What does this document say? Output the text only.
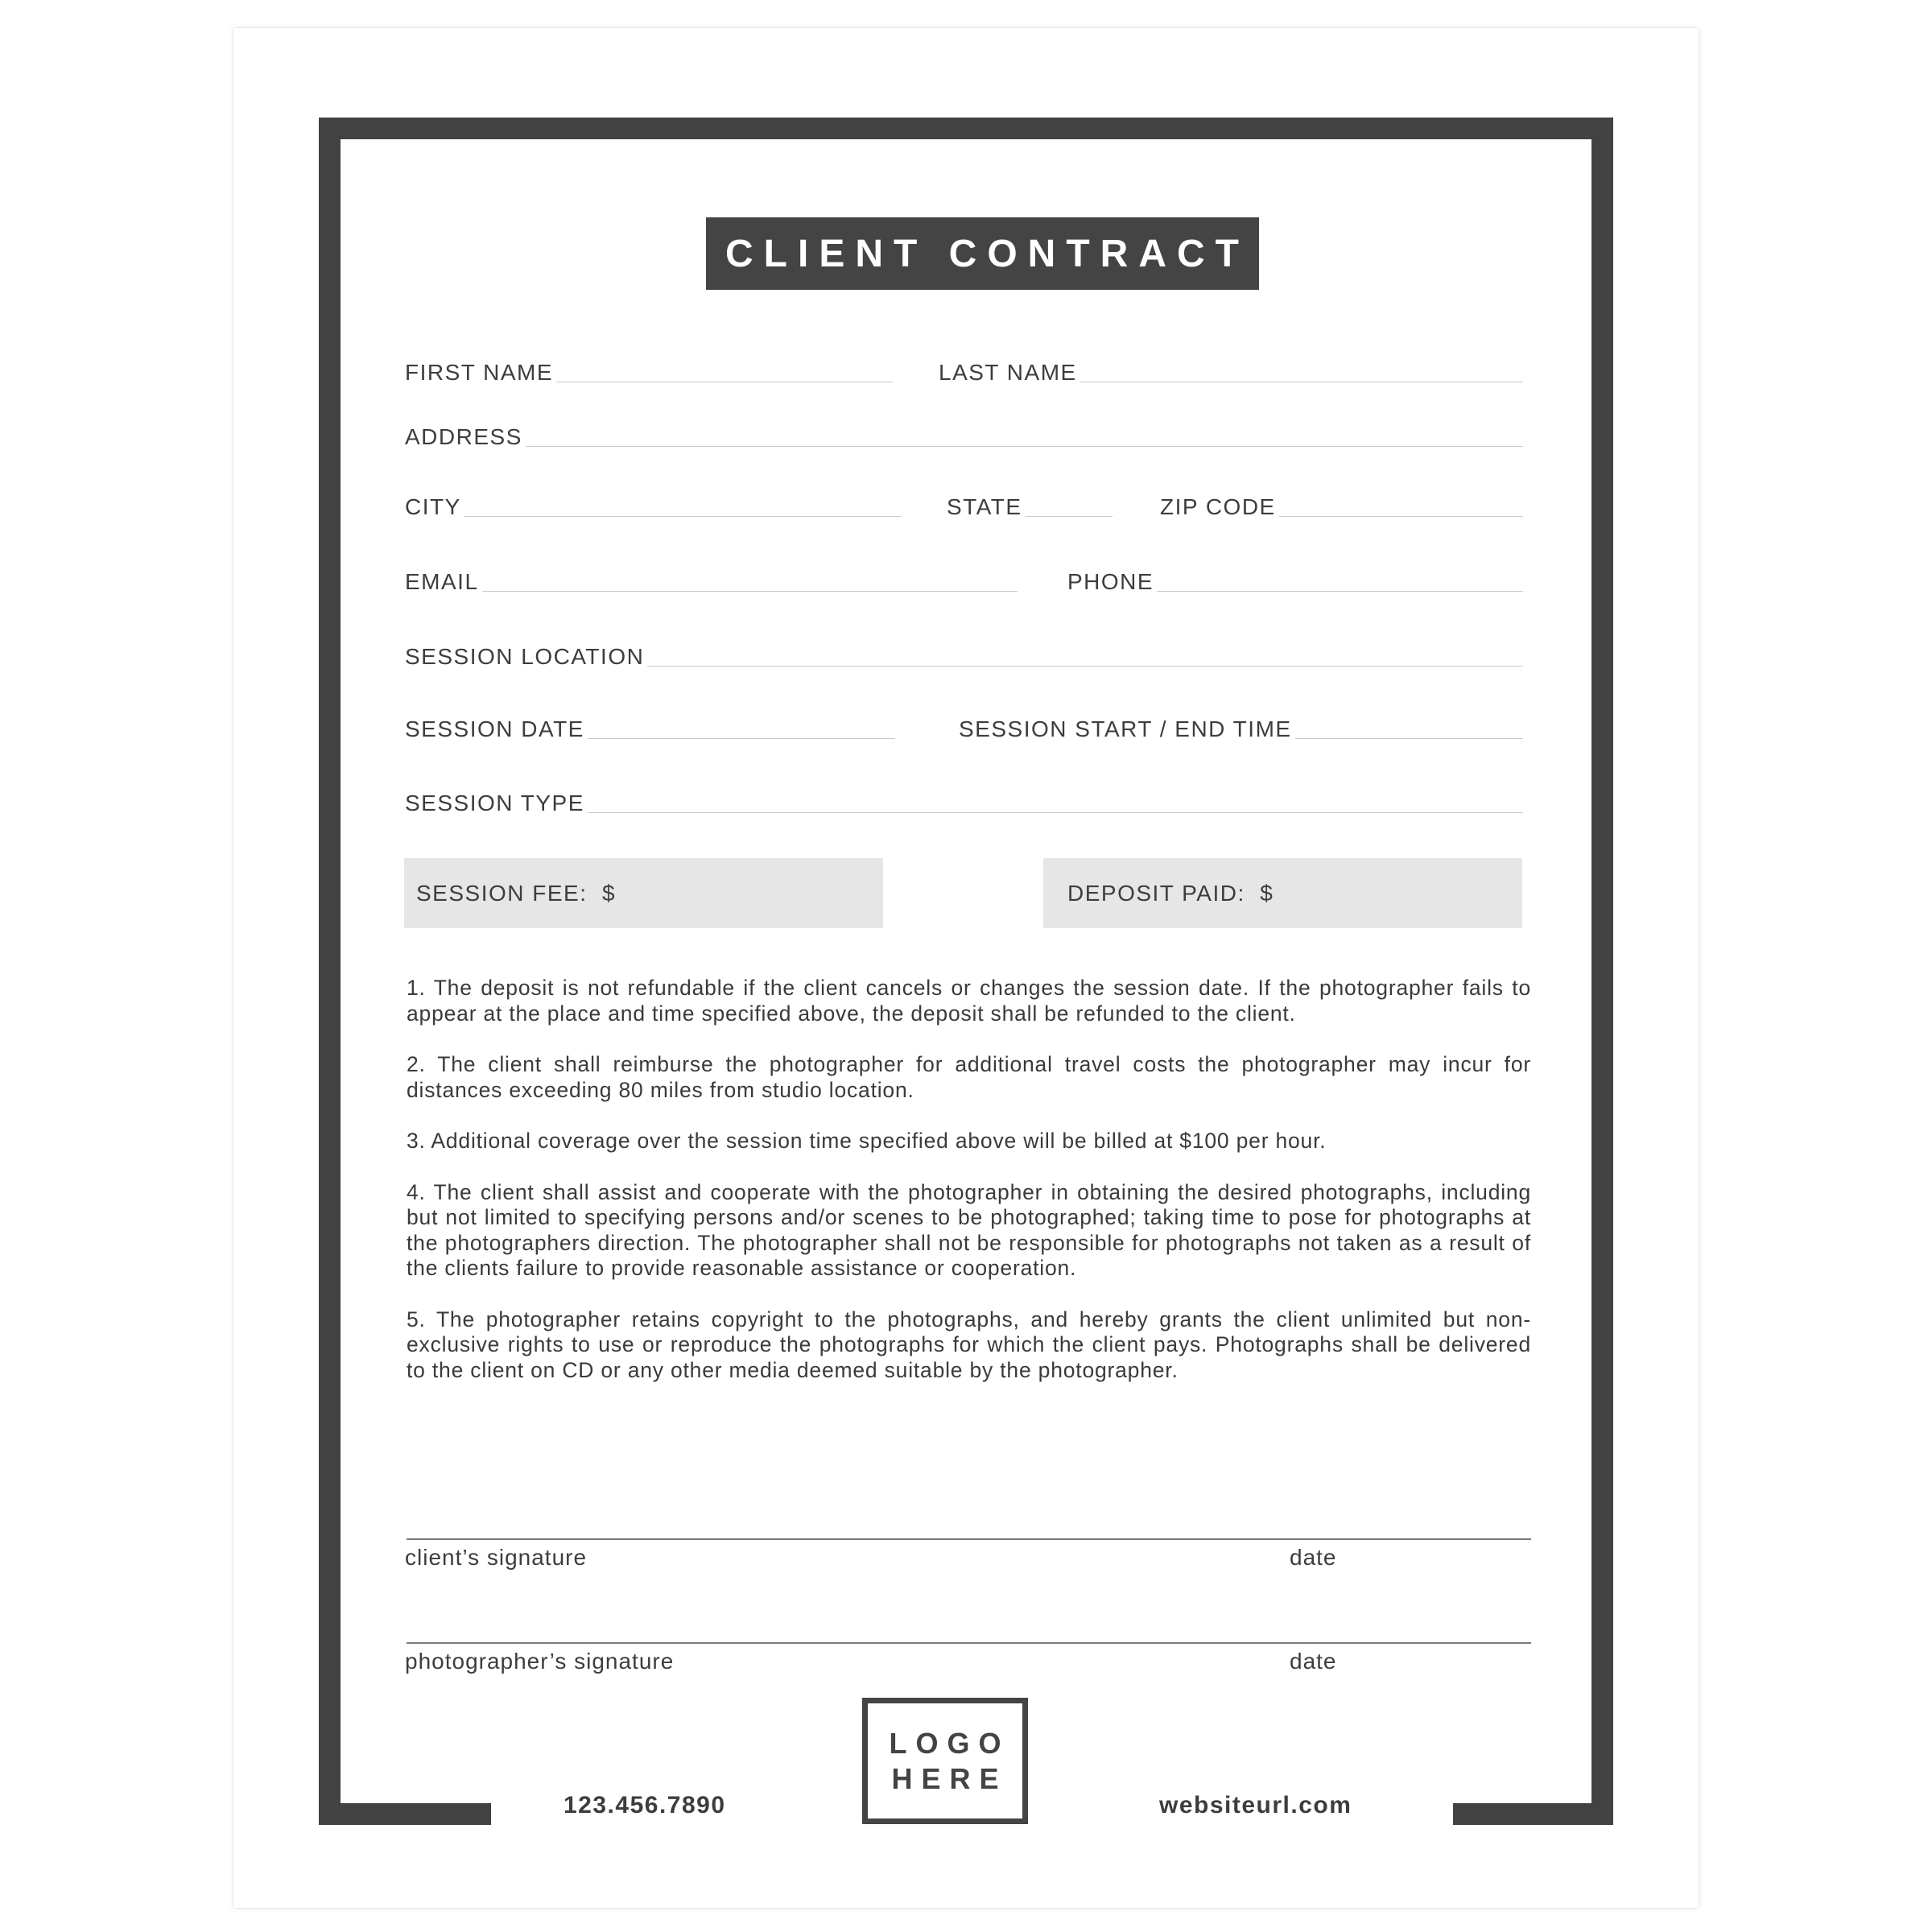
CLIENT CONTRACT
FIRST NAME	LAST NAME
ADDRESS
CITY	STATE	ZIP CODE
EMAIL	PHONE
SESSION LOCATION
SESSION DATE	SESSION START / END TIME
SESSION TYPE
SESSION FEE:  $	DEPOSIT PAID:  $

1. The deposit is not refundable if the client cancels or changes the session date. If the photographer fails to appear at the place and time specified above, the deposit shall be refunded to the client.

2. The client shall reimburse the photographer for additional travel costs the photographer may incur for distances exceeding 80 miles from studio location.

3. Additional coverage over the session time specified above will be billed at $100 per hour.

4. The client shall assist and cooperate with the photographer in obtaining the desired photographs, including but not limited to specifying persons and/or scenes to be photographed; taking time to pose for photographs at the photographers direction. The photographer shall not be responsible for photographs not taken as a result of the clients failure to provide reasonable assistance or cooperation.

5. The photographer retains copyright to the photographs, and hereby grants the client unlimited but non-exclusive rights to use or reproduce the photographs for which the client pays. Photographs shall be delivered to the client on CD or any other media deemed suitable by the photographer.

client’s signature	date
photographer’s signature	date
LOGO
HERE
123.456.7890	websiteurl.com
